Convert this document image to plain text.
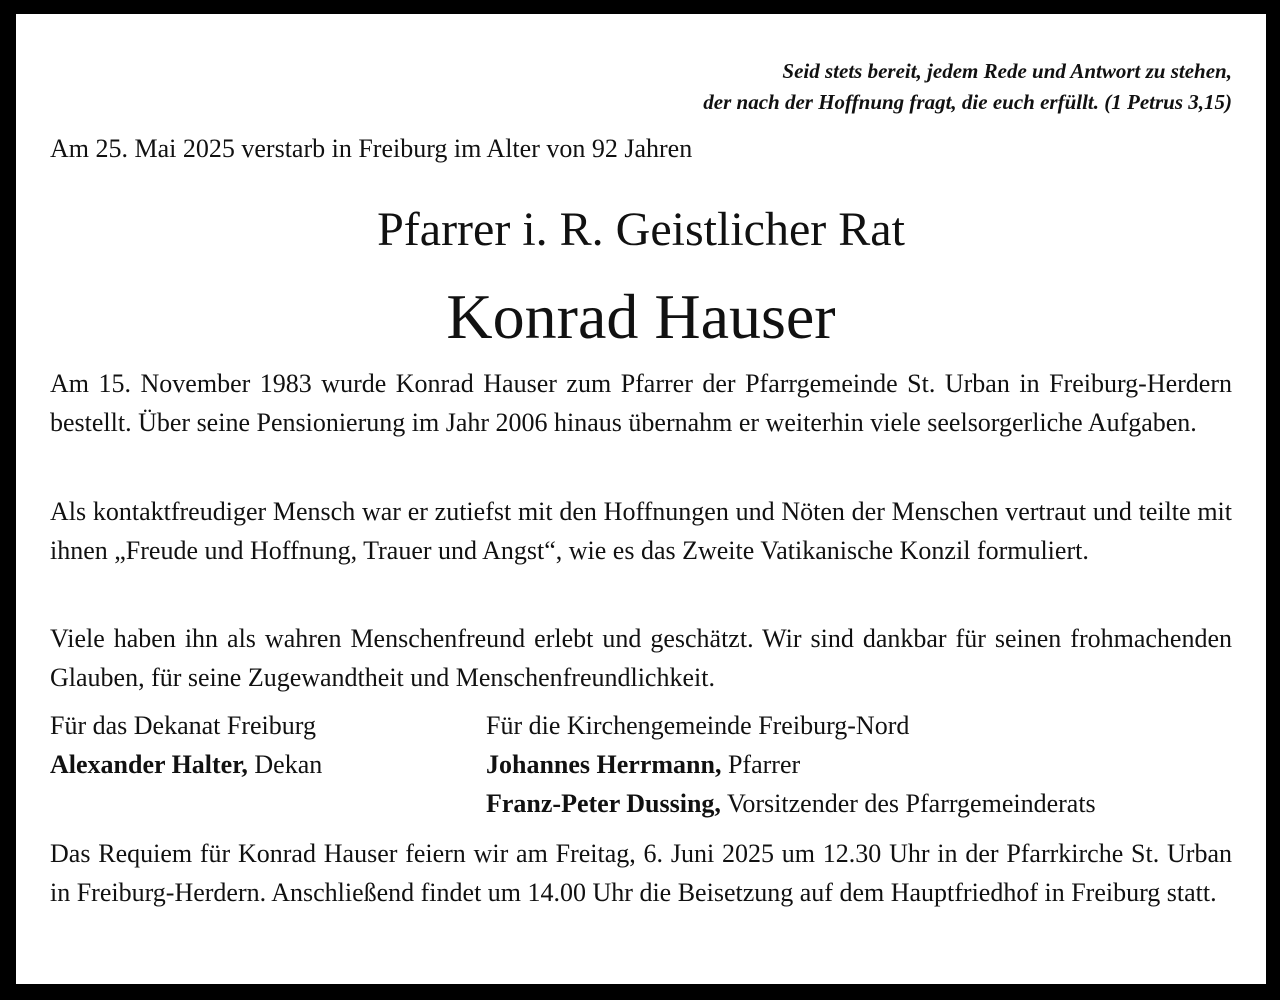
Seid stets bereit, jedem Rede und Antwort zu stehen,
der nach der Hoffnung fragt, die euch erfüllt. (1 Petrus 3,15)
Am 25. Mai 2025 verstarb in Freiburg im Alter von 92 Jahren
Pfarrer i. R. Geistlicher Rat
Konrad Hauser
Am 15. November 1983 wurde Konrad Hauser zum Pfarrer der Pfarrgemeinde St. Urban in Freiburg-Herdern bestellt. Über seine Pensionierung im Jahr 2006 hinaus übernahm er weiterhin viele seelsorgerliche Aufgaben.
Als kontaktfreudiger Mensch war er zutiefst mit den Hoffnungen und Nöten der Menschen vertraut und teilte mit ihnen „Freude und Hoffnung, Trauer und Angst“, wie es das Zweite Vatikanische Konzil formuliert.
Viele haben ihn als wahren Menschenfreund erlebt und geschätzt. Wir sind dankbar für seinen frohmachenden Glauben, für seine Zugewandtheit und Menschenfreundlichkeit.
Für das Dekanat Freiburg
Alexander Halter, Dekan
Für die Kirchengemeinde Freiburg-Nord
Johannes Herrmann, Pfarrer
Franz-Peter Dussing, Vorsitzender des Pfarrgemeinderats
Das Requiem für Konrad Hauser feiern wir am Freitag, 6. Juni 2025 um 12.30 Uhr in der Pfarrkirche St. Urban in Freiburg-Herdern. Anschließend findet um 14.00 Uhr die Beisetzung auf dem Hauptfriedhof in Freiburg statt.
